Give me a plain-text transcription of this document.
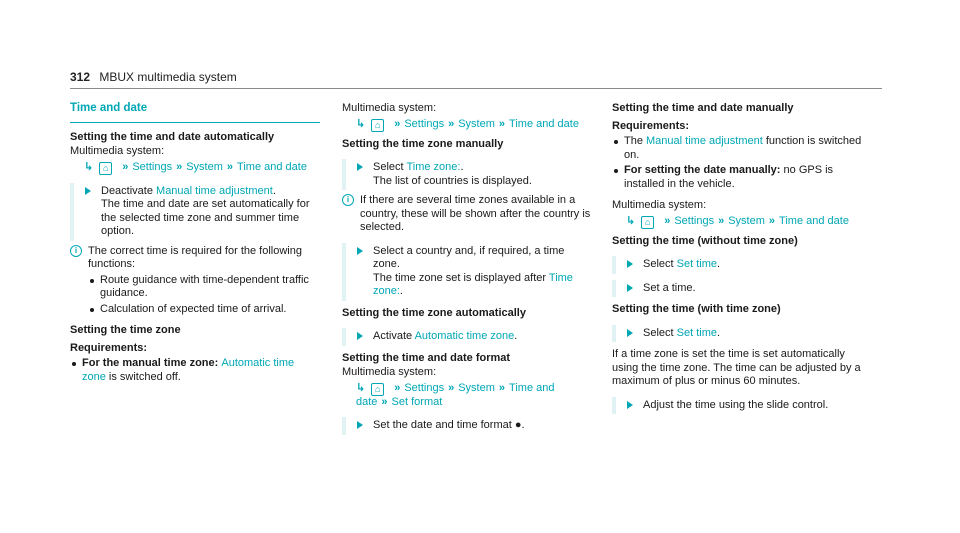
312 MBUX multimedia system
Time and date
Setting the time and date automatically

Multimedia system:

↳ ⌂ » Settings » System » Time and date
Deactivate Manual time adjustment.

The time and date are set automatically for the selected time zone and summer time option.

i The correct time is required for the following functions:
Route guidance with time-dependent traffic guidance.
Calculation of expected time of arrival.
Setting the time zone
Requirements:
For the manual time zone: Automatic time zone is switched off.

Multimedia system:

↳ ⌂ » Settings » System » Time and date
Setting the time zone manually
Select Time zone:.

The list of countries is displayed.

i If there are several time zones available in a country, these will be shown after the country is selected.
Select a country and, if required, a time zone.

The time zone set is displayed after Time zone:.

Setting the time zone automatically
Activate Automatic time zone.
Setting the time and date format

Multimedia system:

↳ ⌂ » Settings » System » Time and date » Set format
Set the date and time format ●.
Setting the time and date manually
Requirements:
The Manual time adjustment function is switched on.
For setting the date manually: no GPS is installed in the vehicle.

Multimedia system:

↳ ⌂ » Settings » System » Time and date
Setting the time (without time zone)
Select Set time.
Set a time.
Setting the time (with time zone)
Select Set time.

If a time zone is set the time is set automatically using the time zone. The time can be adjusted by a maximum of plus or minus 60 minutes.

Adjust the time using the slide control.
